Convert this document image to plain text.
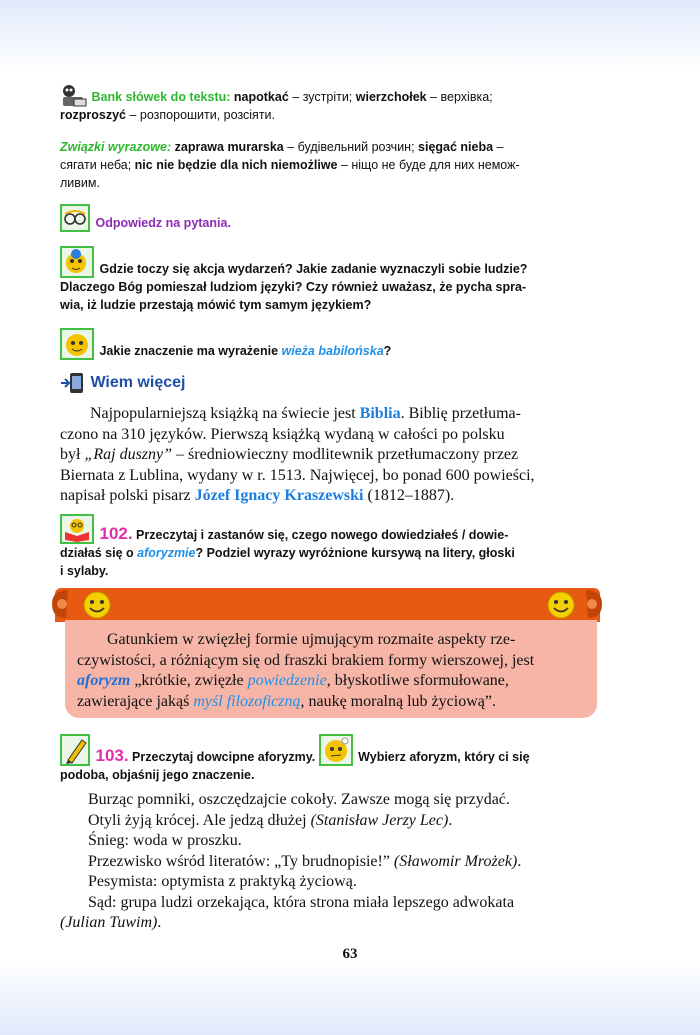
Bank słówek do tekstu: napotkać – зустріти; wierzchołek – верхівка;
rozproszyć – розпорошити, розсіяти.
Związki wyrazowe: zaprawa murarska – будівельний розчин; sięgać nieba –
сягати неба; nic nie będzie dla nich niemożliwe – ніщо не буде для них немож-
ливим.
Odpowiedz na pytania.
Gdzie toczy się akcja wydarzeń? Jakie zadanie wyznaczyli sobie ludzie?
Dlaczego Bóg pomieszał ludziom języki? Czy również uważasz, że pycha spra-
wia, iż ludzie przestają mówić tym samym językiem?
Jakie znaczenie ma wyrażenie wieża babilońska?
Wiem więcej
Najpopularniejszą książką na świecie jest Biblia. Biblię przetłuma-
czono na 310 języków. Pierwszą książką wydaną w całości po polsku
był „Raj duszny” – średniowieczny modlitewnik przetłumaczony przez
Biernata z Lublina, wydany w r. 1513. Najwięcej, bo ponad 600 powieści,
napisał polski pisarz Józef Ignacy Kraszewski (1812–1887).
102. Przeczytaj i zastanów się, czego nowego dowiedziałeś / dowie-
działaś się o aforyzmie? Podziel wyrazy wyróżnione kursywą na litery, głoski
i sylaby.
Gatunkiem w zwięzłej formie ujmującym rozmaite aspekty rze-
czywistości, a różniącym się od fraszki brakiem formy wierszowej, jest
aforyzm „krótkie, zwięzłe powiedzenie, błyskotliwe sformułowane,
zawierające jakąś myśl filozoficzną, naukę moralną lub życiową”.
103. Przeczytaj dowcipne aforyzmy.	Wybierz aforyzm, który ci się
podoba, objaśnij jego znaczenie.
Burząc pomniki, oszczędzajcie cokoły. Zawsze mogą się przydać.
Otyli żyją krócej. Ale jedzą dłużej (Stanisław Jerzy Lec).
Śnieg: woda w proszku.
Przezwisko wśród literatów: „Ty brudnopisie!” (Sławomir Mrożek).
Pesymista: optymista z praktyką życiową.
Sąd: grupa ludzi orzekająca, która strona miała lepszego adwokata
(Julian Tuwim).
63
